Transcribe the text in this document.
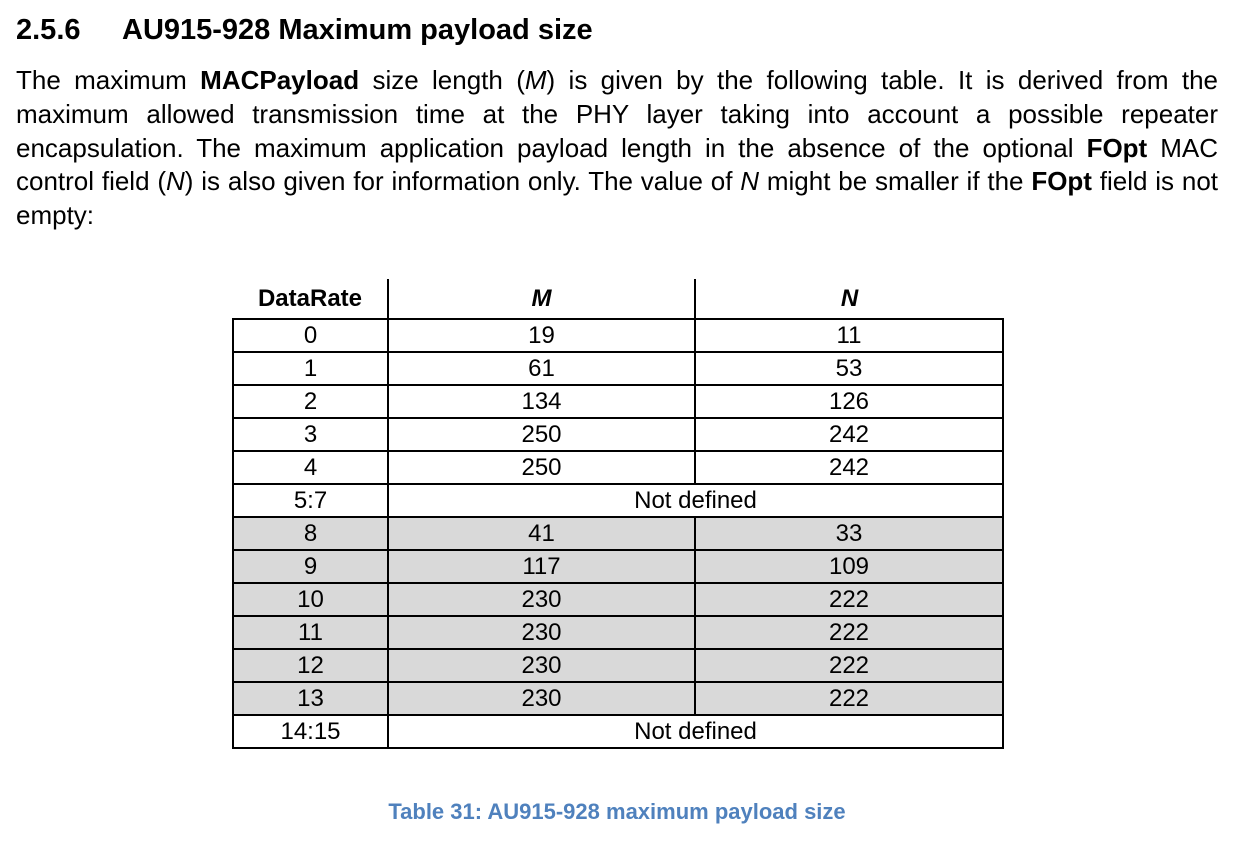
2.5.6 AU915-928 Maximum payload size

The maximum MACPayload size length (M) is given by the following table. It is derived from the maximum allowed transmission time at the PHY layer taking into account a possible repeater encapsulation. The maximum application payload length in the absence of the optional FOpt MAC control field (N) is also given for information only. The value of N might be smaller if the FOpt field is not empty:

DataRate	M	N
0	19	11
1	61	53
2	134	126
3	250	242
4	250	242
5:7	Not defined	
8	41	33
9	117	109
10	230	222
11	230	222
12	230	222
13	230	222
14:15	Not defined	

Table 31: AU915-928 maximum payload size
